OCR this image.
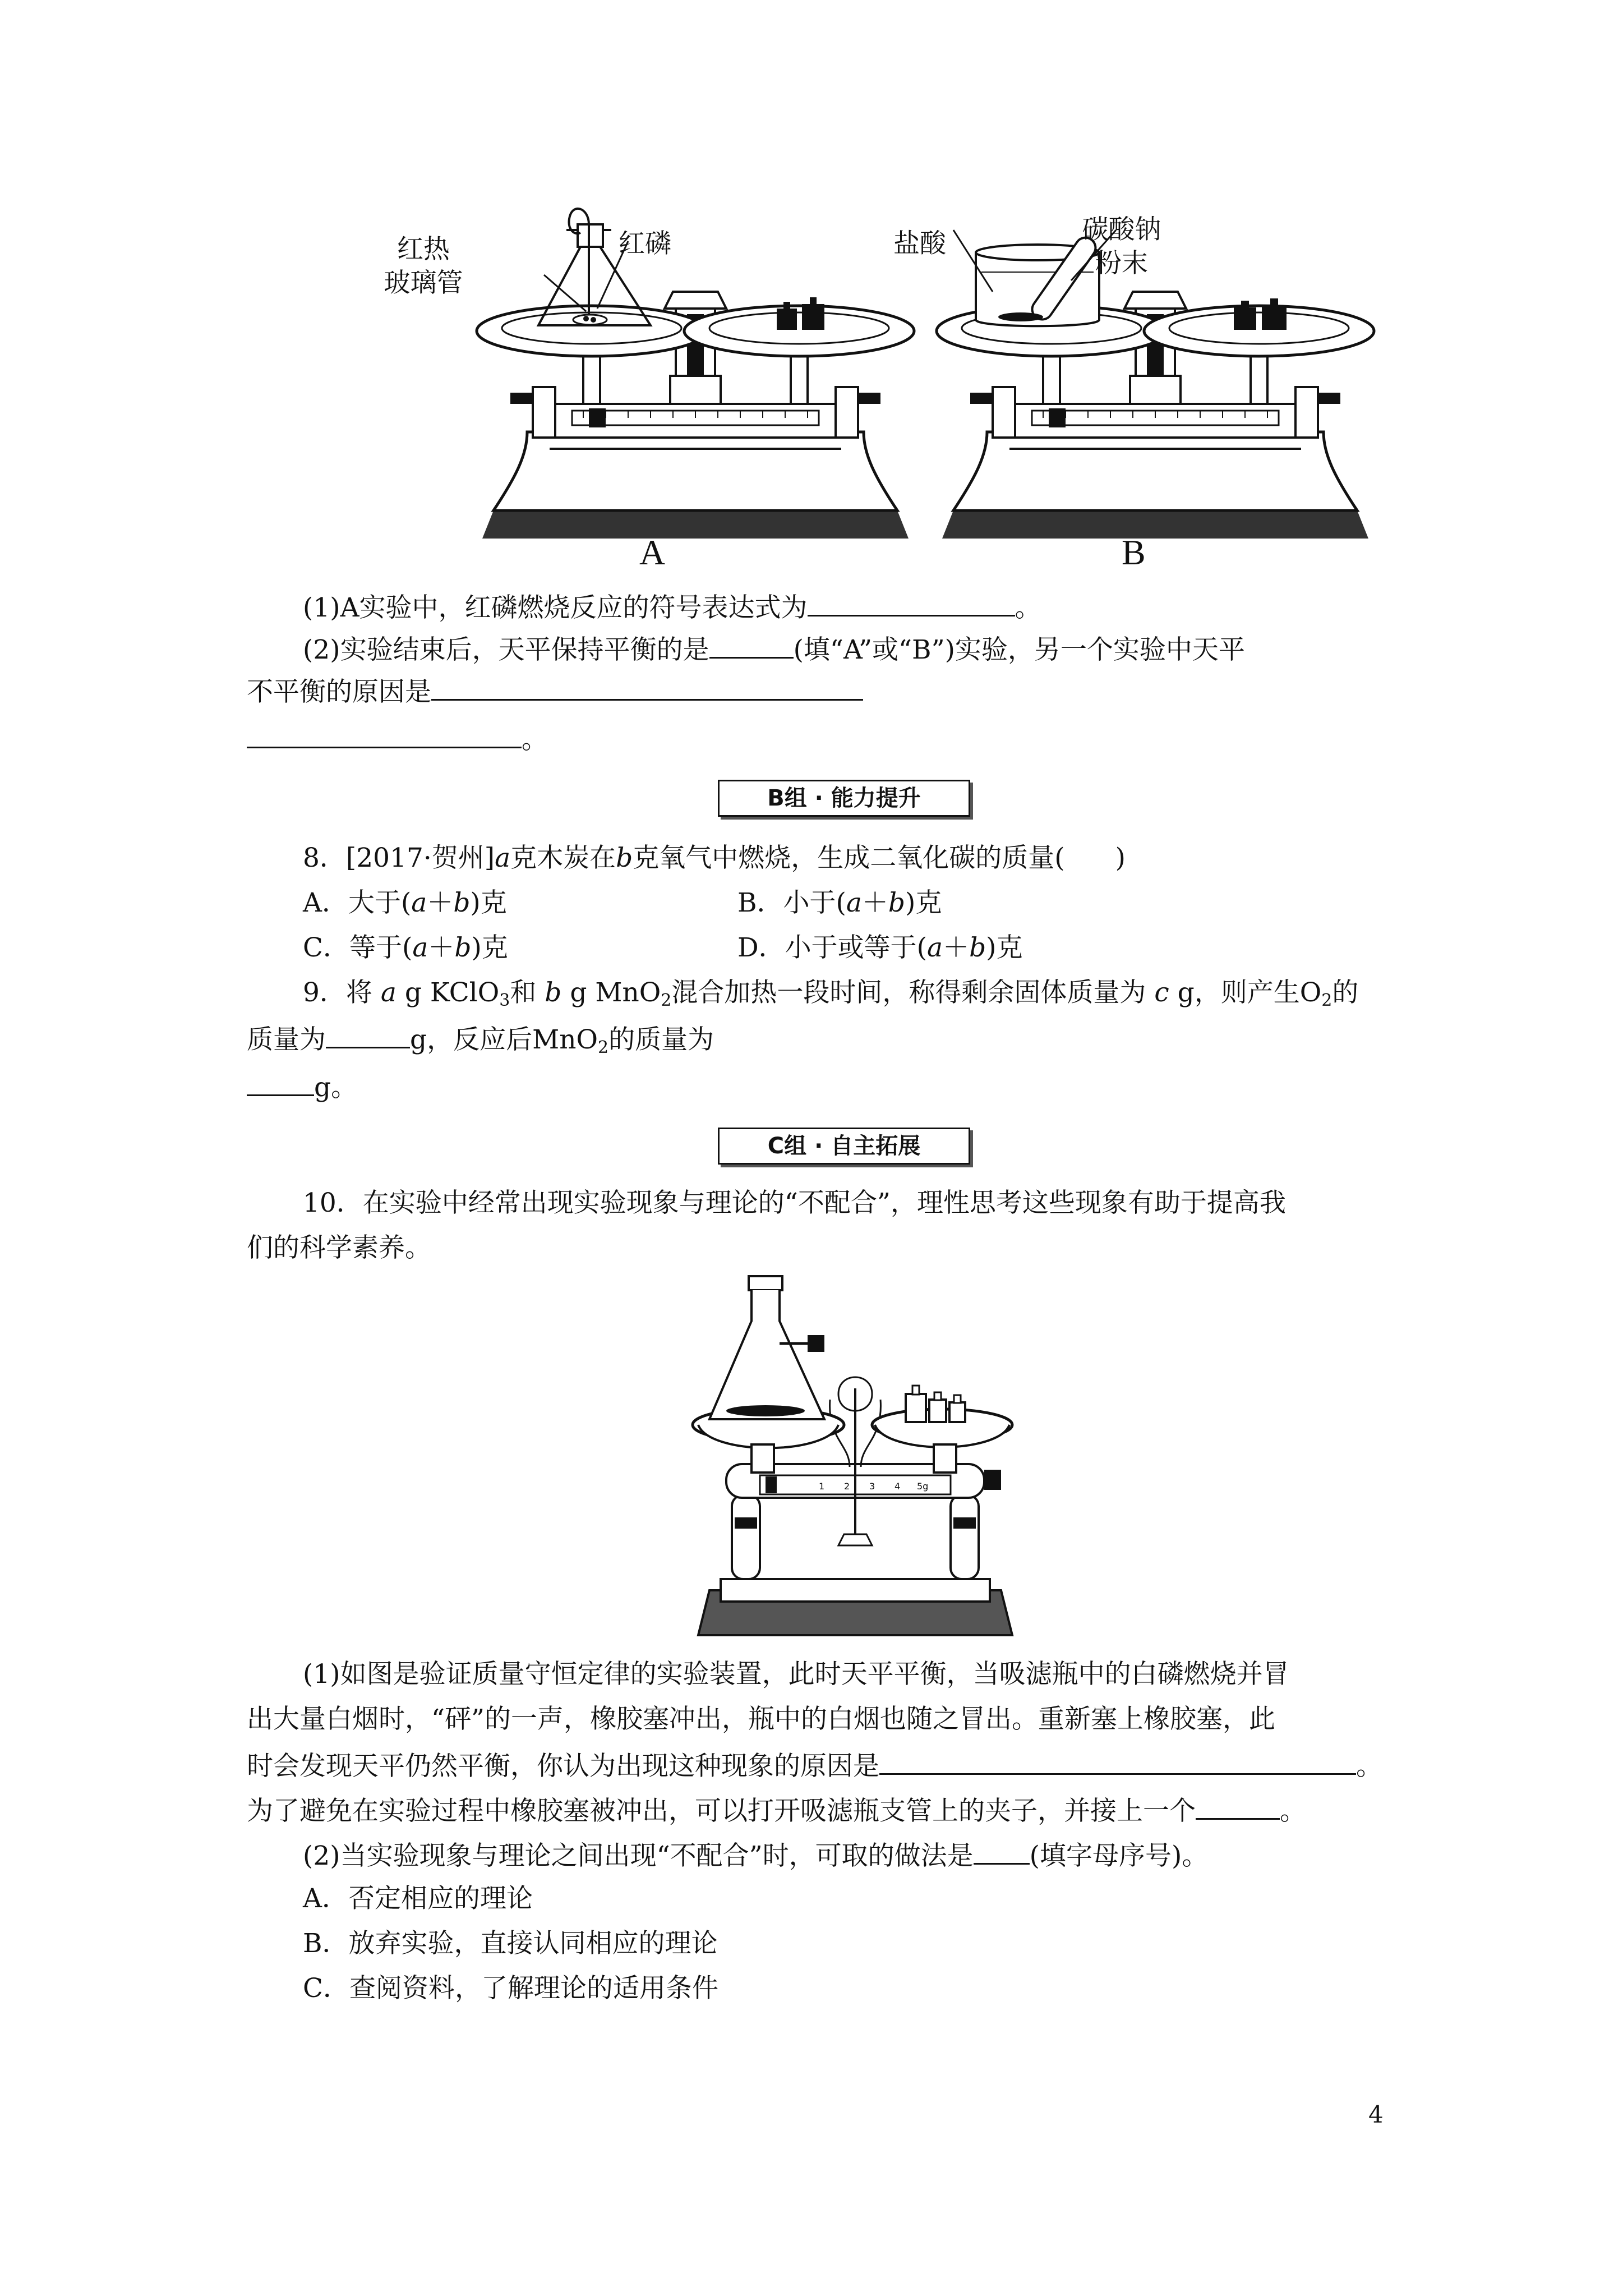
红热
玻璃管
红磷
A
盐酸	碳酸钠
粉末
B
(1)A实验中，红磷燃烧反应的符号表达式为	。
(2)实验结束后，天平保持平衡的是	(填“A”或“B”)实验，另一个实验中天平
不平衡的原因是
。
B组 · 能力提升
8．[2017·贺州]a克木炭在b克氧气中燃烧，生成二氧化碳的质量( )
A．大于(a＋b)克	B．小于(a＋b)克
C．等于(a＋b)克	D．小于或等于(a＋b)克
9．将 a g KClO$_3$和 b g MnO$_2$混合加热一段时间，称得剩余固体质量为 c g，则产生$O_2$的
质量为	g，反应后MnO$_2$的质量为
g。
C组 · 自主拓展
10．在实验中经常出现实验现象与理论的“不配合”，理性思考这些现象有助于提高我
们的科学素养。
1 2 3 4 5g
(1)如图是验证质量守恒定律的实验装置，此时天平平衡，当吸滤瓶中的白磷燃烧并冒
出大量白烟时，“砰”的一声，橡胶塞冲出，瓶中的白烟也随之冒出。重新塞上橡胶塞，此
时会发现天平仍然平衡，你认为出现这种现象的原因是	。
为了避免在实验过程中橡胶塞被冲出，可以打开吸滤瓶支管上的夹子，并接上一个	。
(2)当实验现象与理论之间出现“不配合”时，可取的做法是 (填字母序号)。
A．否定相应的理论
B．放弃实验，直接认同相应的理论
C．查阅资料，了解理论的适用条件
4
